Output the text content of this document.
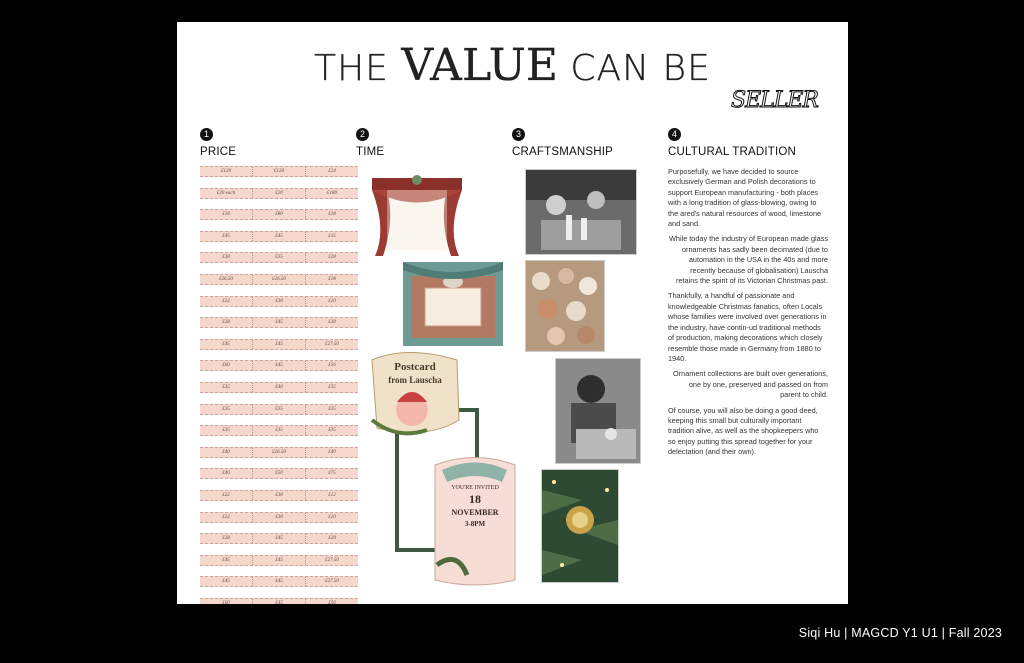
THE VALUE CAN BE
SELLER
1	2	3	4
PRICE	TIME	CRAFTSMANSHIP	CULTURAL TRADITION
£120	£120	£24
£20 each	£20	£180
£18	£80	£18
£45	£45	£15
£38	£35	£18
£26.50	£26.50	£18
£22	£38	£10
£28	£45	£38
£45	£45	£27.50
£60	£45	£56
£35	£40	£35
£35	£35	£35
£35	£35	£35
£40	£26.50	£40
£40	£50	£75
£22	£38	£12
£22	£38	£10
£28	£45	£28
£45	£45	£27.50
£45	£45	£27.50
£60	£45	£56
Postcard
from Lauscha
YOU'RE INVITED
18
NOVEMBER
3-8PM

Purposefully, we have decided to source exclusively German and Polish decorations to support European manufacturing - both places with a long tradition of glass-blowing, owing to the ared's natural resources of wood, limestone and sand.

While today the industry of European made glass ornaments has sadly been decimated (due to automation in the USA in the 40s and more recently because of globalisation) Lauscha retains the spirit of its Victorian Christmas past.

Thankfully, a handful of passionate and knowledgeable Christmas fanatics, often Locals whose families were involved over generations in the industry, have contin-ud traditional methods of production, making decorations which closely resemble those made in Germany from 1880 to 1940.

Ornament collections are built over generations, one by one, preserved and passed on from parent to child.

Of course, you will also be doing a good deed, keeping this small but culturally important tradition alive, as well as the shopkeepers who so enjoy putting this spread together for your delectation (and their own).

Siqi Hu | MAGCD Y1 U1 | Fall 2023
